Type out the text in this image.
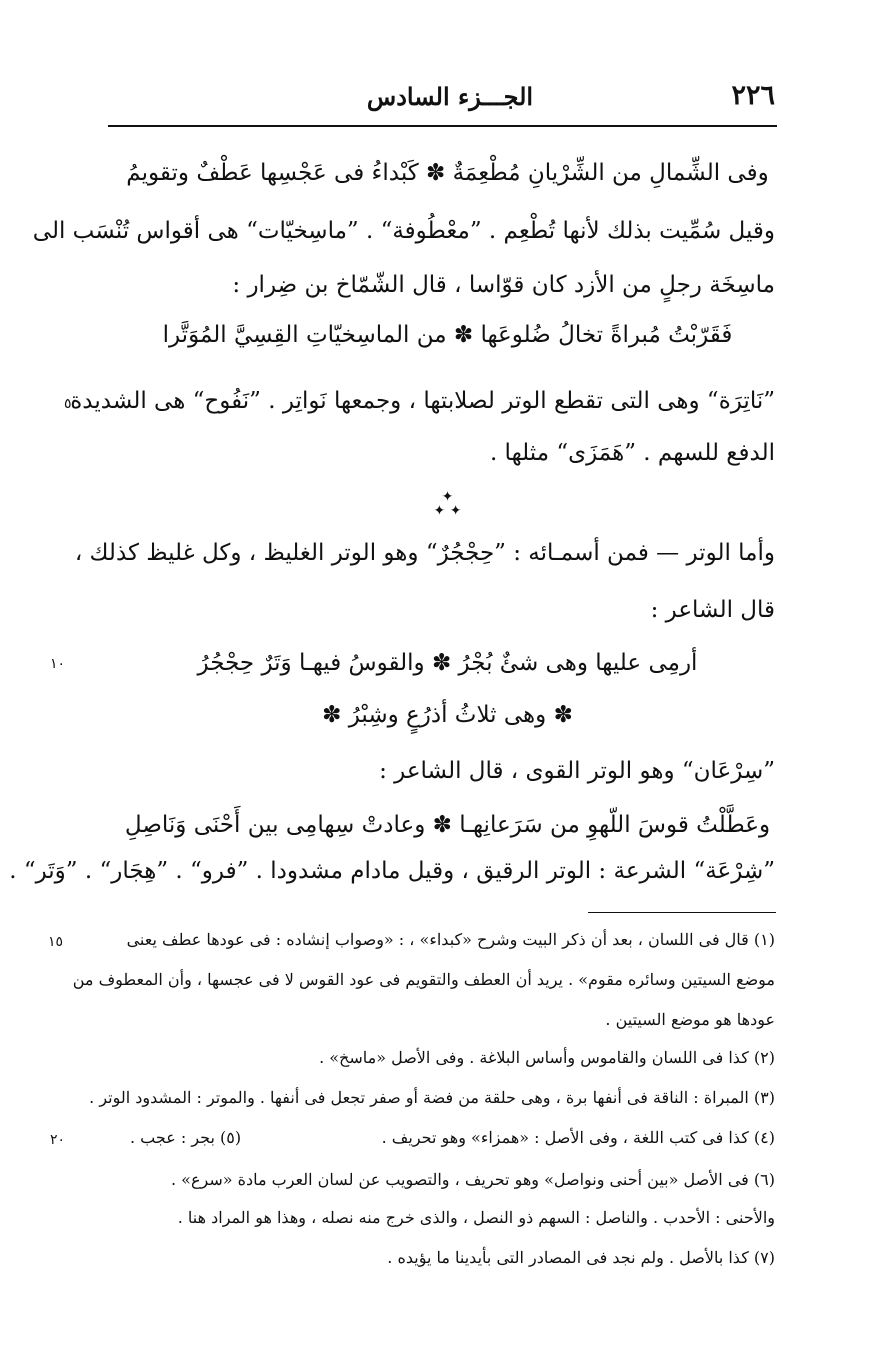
٢٢٦
الجـــزء السادس
وفى الشِّمالِ من الشِّرْيانِ مُطْعِمَةٌ ✽ كَبْداءُ فى عَجْسِها عَطْفٌ وتقويمُ
وقيل سُمِّيت بذلك لأنها تُطْعِم . ”معْطُوفة“ . ”ماسِخيّات“ هى أقواس تُنْسَب الى
ماسِخَة رجلٍ من الأزد كان قوّاسا ، قال الشّمّاخ بن ضِرار :
فَقَرّبْتُ مُبراةً تخالُ ضُلوعَها ✽ من الماسِخيّاتِ القِسِيَّ المُوَتَّرا
”نَاتِرَة“ وهى التى تقطع الوتر لصلابتها ، وجمعها نَواتِر . ”نَفُوح“ هى الشديدة
٥
الدفع للسهم . ”هَمَزَى“ مثلها .
✦
✦ ✦
وأما الوتر — فمن أسمـائه : ”حِجْجُرٌ“ وهو الوتر الغليظ ، وكل غليظ كذلك ،
قال الشاعر :
أرمِى عليها وهى شئٌ بُجْرُ ✽ والقوسُ فيهـا وَتَرٌ حِجْجُرُ
١٠
✽ وهى ثلاثُ أذرُعٍ وشِبْرُ ✽
”سِرْعَان“ وهو الوتر القوى ، قال الشاعر :
وعَطَّلْتُ قوسَ اللّهوِ من سَرَعانِهـا ✽ وعادتْ سِهامِى بين أَحْنَى وَنَاصِلِ
”شِرْعَة“ الشرعة : الوتر الرقيق ، وقيل مادام مشدودا . ”فرو“ . ”هِجَار“ . ”وَتَر“ .
(١) قال فى اللسان ، بعد أن ذكر البيت وشرح «كبداء» ، : «وصواب إنشاده : فى عودها عطف يعنى
١٥
موضع السيتين وسائره مقوم» . يريد أن العطف والتقويم فى عود القوس لا فى عجسها ، وأن المعطوف من
عودها هو موضع السيتين .
(٢) كذا فى اللسان والقاموس وأساس البلاغة . وفى الأصل «ماسخ» .
(٣) المبراة : الناقة فى أنفها برة ، وهى حلقة من فضة أو صفر تجعل فى أنفها . والموتر : المشدود الوتر .
(٤) كذا فى كتب اللغة ، وفى الأصل : «همزاء» وهو تحريف .
(٥) بجر : عجب .
٢٠
(٦) فى الأصل «بين أحنى ونواصل» وهو تحريف ، والتصويب عن لسان العرب مادة «سرع» .
والأحنى : الأحدب . والناصل : السهم ذو النصل ، والذى خرج منه نصله ، وهذا هو المراد هنا .
(٧) كذا بالأصل . ولم نجد فى المصادر التى بأيدينا ما يؤيده .
